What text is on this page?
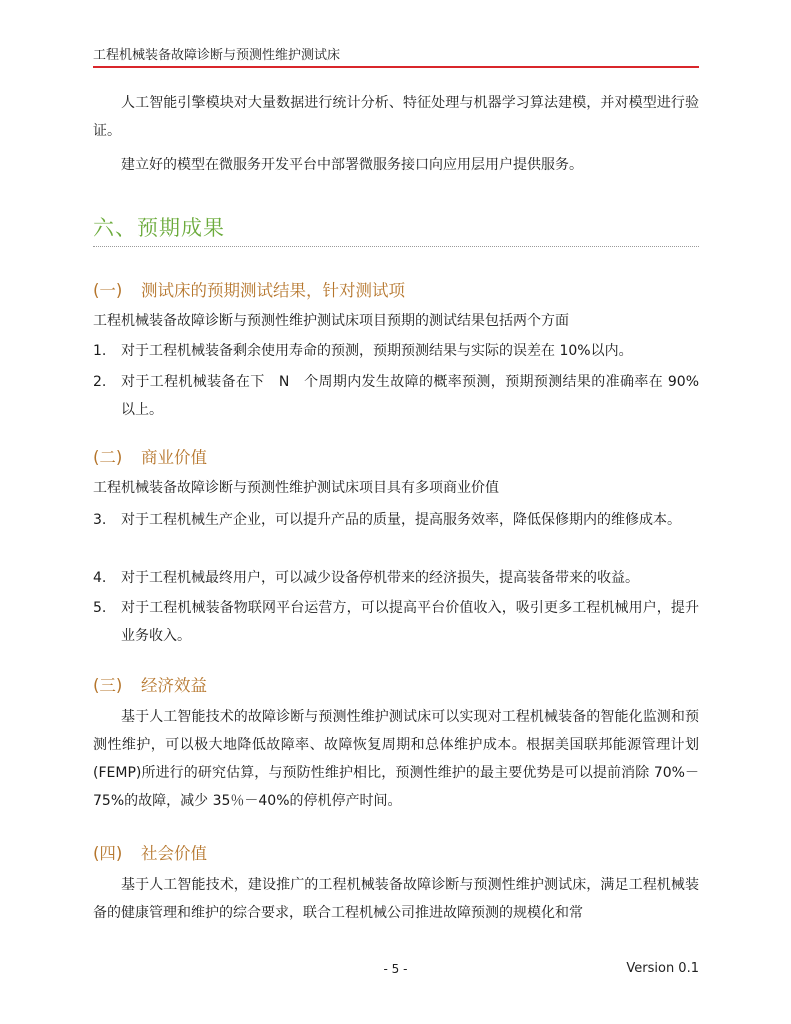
工程机械装备故障诊断与预测性维护测试床

人工智能引擎模块对大量数据进行统计分析、特征处理与机器学习算法建模，并对模型进行验证。

建立好的模型在微服务开发平台中部署微服务接口向应用层用户提供服务。

六、预期成果
(一) 测试床的预期测试结果，针对测试项

工程机械装备故障诊断与预测性维护测试床项目预期的测试结果包括两个方面

1.	对于工程机械装备剩余使用寿命的预测，预期预测结果与实际的误差在 10%以内。
2.	对于工程机械装备在下　N　个周期内发生故障的概率预测，预期预测结果的准确率在 90%以上。
(二) 商业价值

工程机械装备故障诊断与预测性维护测试床项目具有多项商业价值

3.	对于工程机械生产企业，可以提升产品的质量，提高服务效率，降低保修期内的维修成本。
4.	对于工程机械最终用户，可以减少设备停机带来的经济损失，提高装备带来的收益。
5.	对于工程机械装备物联网平台运营方，可以提高平台价值收入，吸引更多工程机械用户，提升业务收入。
(三) 经济效益

基于人工智能技术的故障诊断与预测性维护测试床可以实现对工程机械装备的智能化监测和预测性维护，可以极大地降低故障率、故障恢复周期和总体维护成本。根据美国联邦能源管理计划(FEMP)所进行的研究估算，与预防性维护相比，预测性维护的最主要优势是可以提前消除 70%－75%的故障，减少 35％－40%的停机停产时间。

(四) 社会价值

基于人工智能技术，建设推广的工程机械装备故障诊断与预测性维护测试床，满足工程机械装备的健康管理和维护的综合要求，联合工程机械公司推进故障预测的规模化和常

- 5 -	Version 0.1
